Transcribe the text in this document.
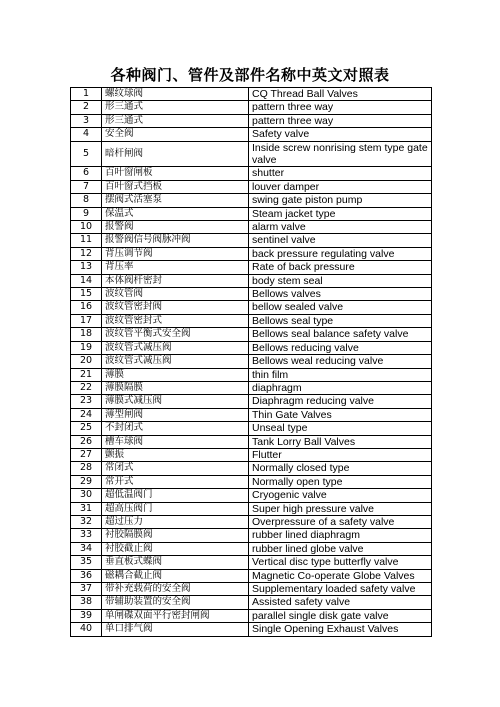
各种阀门、管件及部件名称中英文对照表
1	螺纹球阀	CQ Thread Ball Valves
2	形三通式	pattern three way
3	形三通式	pattern three way
4	安全阀	Safety valve
5	暗杆闸阀	Inside screw nonrising stem type gate valve
6	百叶窗闸板	shutter
7	百叶窗式挡板	louver damper
8	摆阀式活塞泵	swing gate piston pump
9	保温式	Steam jacket type
10	报警阀	alarm valve
11	报警阀信号阀脉冲阀	sentinel valve
12	背压调节阀	back pressure regulating valve
13	背压率	Rate of back pressure
14	本体阀杆密封	body stem seal
15	波纹管阀	Bellows valves
16	波纹管密封阀	bellow sealed valve
17	波纹管密封式	Bellows seal type
18	波纹管平衡式安全阀	Bellows seal balance safety valve
19	波纹管式减压阀	Bellows reducing valve
20	波纹管式减压阀	Bellows weal reducing valve
21	薄膜	thin film
22	薄膜隔膜	diaphragm
23	薄膜式减压阀	Diaphragm reducing valve
24	薄型闸阀	Thin Gate Valves
25	不封闭式	Unseal type
26	槽车球阀	Tank Lorry Ball Valves
27	颤振	Flutter
28	常闭式	Normally closed type
29	常开式	Normally open type
30	超低温阀门	Cryogenic valve
31	超高压阀门	Super high pressure valve
32	超过压力	Overpressure of a safety valve
33	衬胶隔膜阀	rubber lined diaphragm
34	衬胶截止阀	rubber lined globe valve
35	垂直板式蝶阀	Vertical disc type butterfly valve
36	磁耦合截止阀	Magnetic Co-operate Globe Valves
37	带补充载荷的安全阀	Supplementary loaded safety valve
38	带辅助装置的安全阀	Assisted safety valve
39	单闸碟双面平行密封闸阀	parallel single disk gate valve
40	单口排气阀	Single Opening Exhaust Valves
